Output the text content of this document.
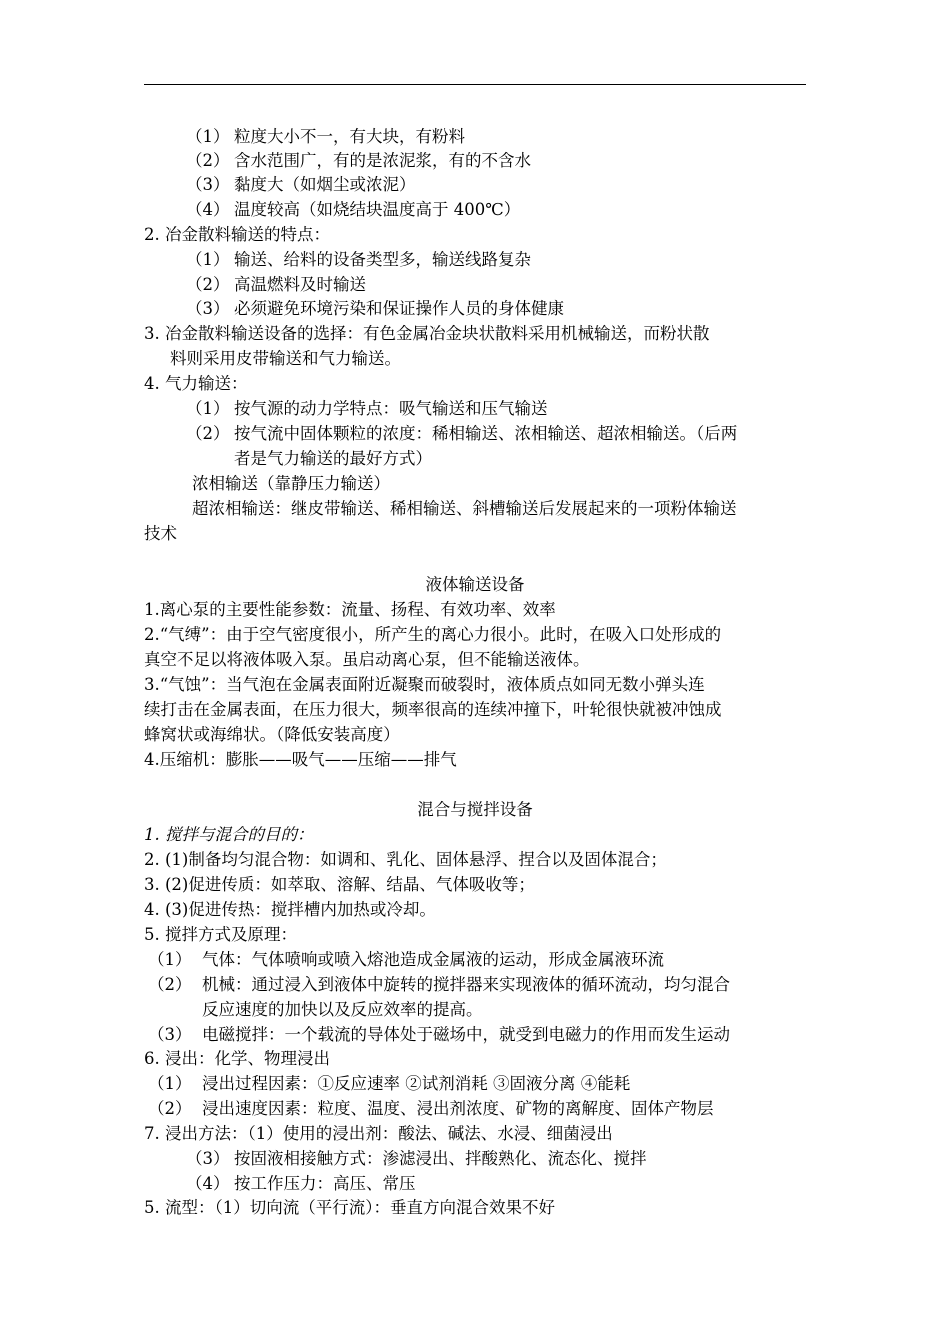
（1） 粒度大小不一，有大块，有粉料
（2） 含水范围广，有的是浓泥浆，有的不含水
（3） 黏度大（如烟尘或浓泥）
（4） 温度较高（如烧结块温度高于 400℃）
2. 冶金散料输送的特点：
（1） 输送、给料的设备类型多，输送线路复杂
（2） 高温燃料及时输送
（3） 必须避免环境污染和保证操作人员的身体健康
3. 冶金散料输送设备的选择：有色金属冶金块状散料采用机械输送，而粉状散
料则采用皮带输送和气力输送。
4. 气力输送：
（1） 按气源的动力学特点：吸气输送和压气输送
（2） 按气流中固体颗粒的浓度：稀相输送、浓相输送、超浓相输送。（后两
者是气力输送的最好方式）
浓相输送（靠静压力输送）
超浓相输送：继皮带输送、稀相输送、斜槽输送后发展起来的一项粉体输送
技术
液体输送设备
1.离心泵的主要性能参数：流量、扬程、有效功率、效率
2.“气缚”：由于空气密度很小，所产生的离心力很小。此时，在吸入口处形成的
真空不足以将液体吸入泵。虽启动离心泵，但不能输送液体。
3.“气蚀”：当气泡在金属表面附近凝聚而破裂时，液体质点如同无数小弹头连
续打击在金属表面，在压力很大，频率很高的连续冲撞下，叶轮很快就被冲蚀成
蜂窝状或海绵状。（降低安装高度）
4.压缩机：膨胀——吸气——压缩——排气
混合与搅拌设备
1. 搅拌与混合的目的：
2. (1)制备均匀混合物：如调和、乳化、固体悬浮、捏合以及固体混合；
3. (2)促进传质：如萃取、溶解、结晶、气体吸收等；
4. (3)促进传热：搅拌槽内加热或冷却。
5. 搅拌方式及原理：
（1） 气体：气体喷响或喷入熔池造成金属液的运动，形成金属液环流
（2） 机械：通过浸入到液体中旋转的搅拌器来实现液体的循环流动，均匀混合
反应速度的加快以及反应效率的提高。
（3） 电磁搅拌：一个载流的导体处于磁场中，就受到电磁力的作用而发生运动
6. 浸出：化学、物理浸出
（1） 浸出过程因素：①反应速率 ②试剂消耗 ③固液分离 ④能耗
（2） 浸出速度因素：粒度、温度、浸出剂浓度、矿物的离解度、固体产物层
7. 浸出方法：（1）使用的浸出剂：酸法、碱法、水浸、细菌浸出
（3） 按固液相接触方式：渗滤浸出、拌酸熟化、流态化、搅拌
（4） 按工作压力：高压、常压
5. 流型：（1）切向流（平行流）：垂直方向混合效果不好
